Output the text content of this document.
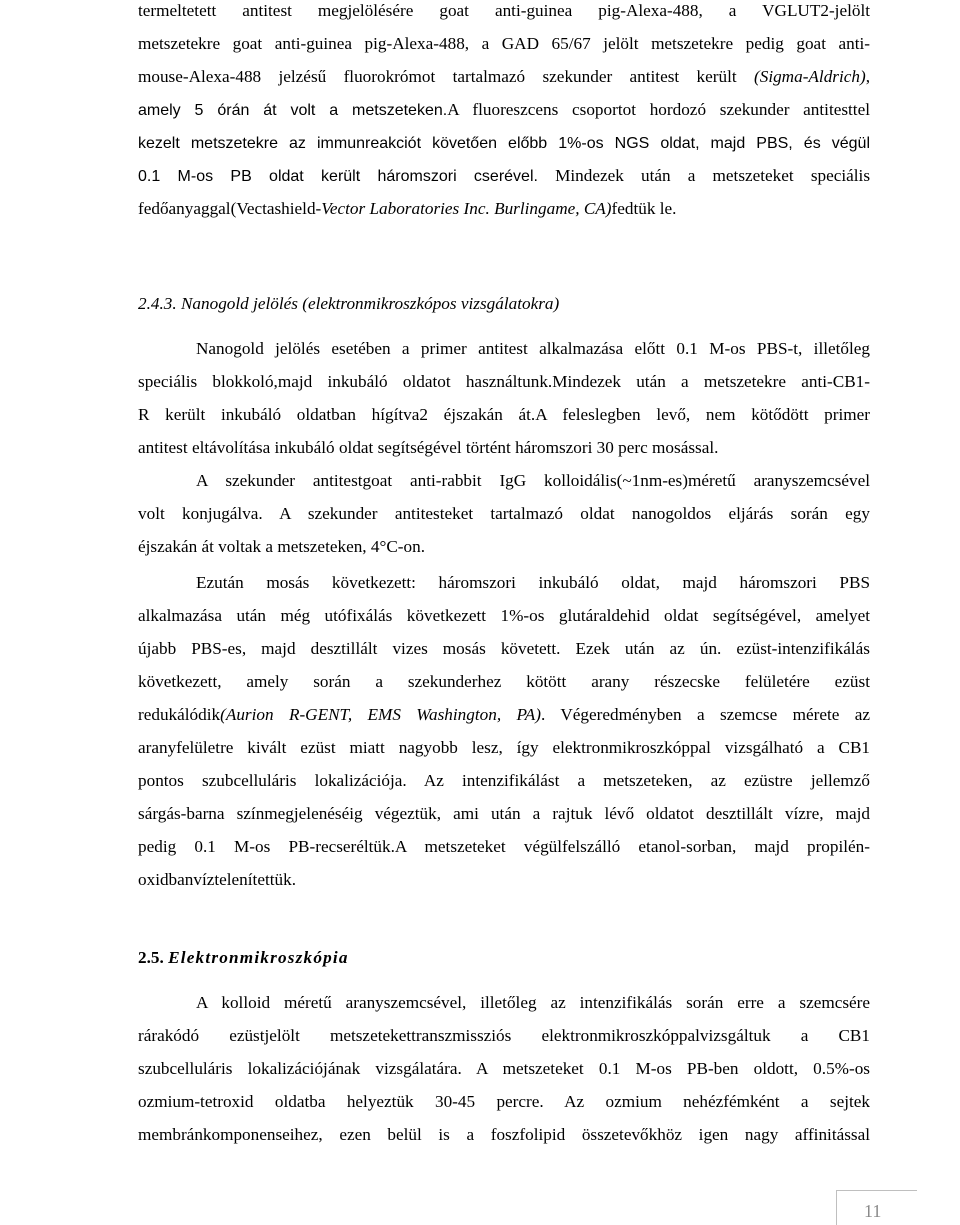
termeltetett antitest megjelölésére goat anti-guinea pig-Alexa-488, a VGLUT2-jelölt

metszetekre goat anti-guinea pig-Alexa-488, a GAD 65/67 jelölt metszetekre pedig goat anti-

mouse-Alexa-488 jelzésű fluorokrómot tartalmazó szekunder antitest került (Sigma-Aldrich),

amely 5 órán át volt a metszeteken.A fluoreszcens csoportot hordozó szekunder antitesttel

kezelt metszetekre az immunreakciót követően előbb 1%-os NGS oldat, majd PBS, és végül

0.1 M-os PB oldat került háromszori cserével. Mindezek után a metszeteket speciális

fedőanyaggal(Vectashield-Vector Laboratories Inc. Burlingame, CA)fedtük le.

2.4.3. Nanogold jelölés (elektronmikroszkópos vizsgálatokra)

Nanogold jelölés esetében a primer antitest alkalmazása előtt 0.1 M-os PBS-t, illetőleg

speciális blokkoló,majd inkubáló oldatot használtunk.Mindezek után a metszetekre anti-CB1-

R került inkubáló oldatban hígítva2 éjszakán át.A feleslegben levő, nem kötődött primer

antitest eltávolítása inkubáló oldat segítségével történt háromszori 30 perc mosással.

A szekunder antitestgoat anti-rabbit IgG kolloidális(~1nm-es)méretű aranyszemcsével

volt konjugálva. A szekunder antitesteket tartalmazó oldat nanogoldos eljárás során egy

éjszakán át voltak a metszeteken, 4°C-on.

Ezután mosás következett: háromszori inkubáló oldat, majd háromszori PBS

alkalmazása után még utófixálás következett 1%-os glutáraldehid oldat segítségével, amelyet

újabb PBS-es, majd desztillált vizes mosás követett. Ezek után az ún. ezüst-intenzifikálás

következett, amely során a szekunderhez kötött arany részecske felületére ezüst

redukálódik(Aurion R-GENT, EMS Washington, PA). Végeredményben a szemcse mérete az

aranyfelületre kivált ezüst miatt nagyobb lesz, így elektronmikroszkóppal vizsgálható a CB1

pontos szubcelluláris lokalizációja. Az intenzifikálást a metszeteken, az ezüstre jellemző

sárgás-barna színmegjelenéséig végeztük, ami után a rajtuk lévő oldatot desztillált vízre, majd

pedig 0.1 M-os PB-recseréltük.A metszeteket végülfelszálló etanol-sorban, majd propilén-

oxidbanvíztelenítettük.

2.5. Elektronmikroszkópia

A kolloid méretű aranyszemcsével, illetőleg az intenzifikálás során erre a szemcsére

rárakódó ezüstjelölt metszetekettranszmissziós elektronmikroszkóppalvizsgáltuk a CB1

szubcelluláris lokalizációjának vizsgálatára. A metszeteket 0.1 M-os PB-ben oldott, 0.5%-os

ozmium-tetroxid oldatba helyeztük 30-45 percre. Az ozmium nehézfémként a sejtek

membránkomponenseihez, ezen belül is a foszfolipid összetevőkhöz igen nagy affinitással

11
